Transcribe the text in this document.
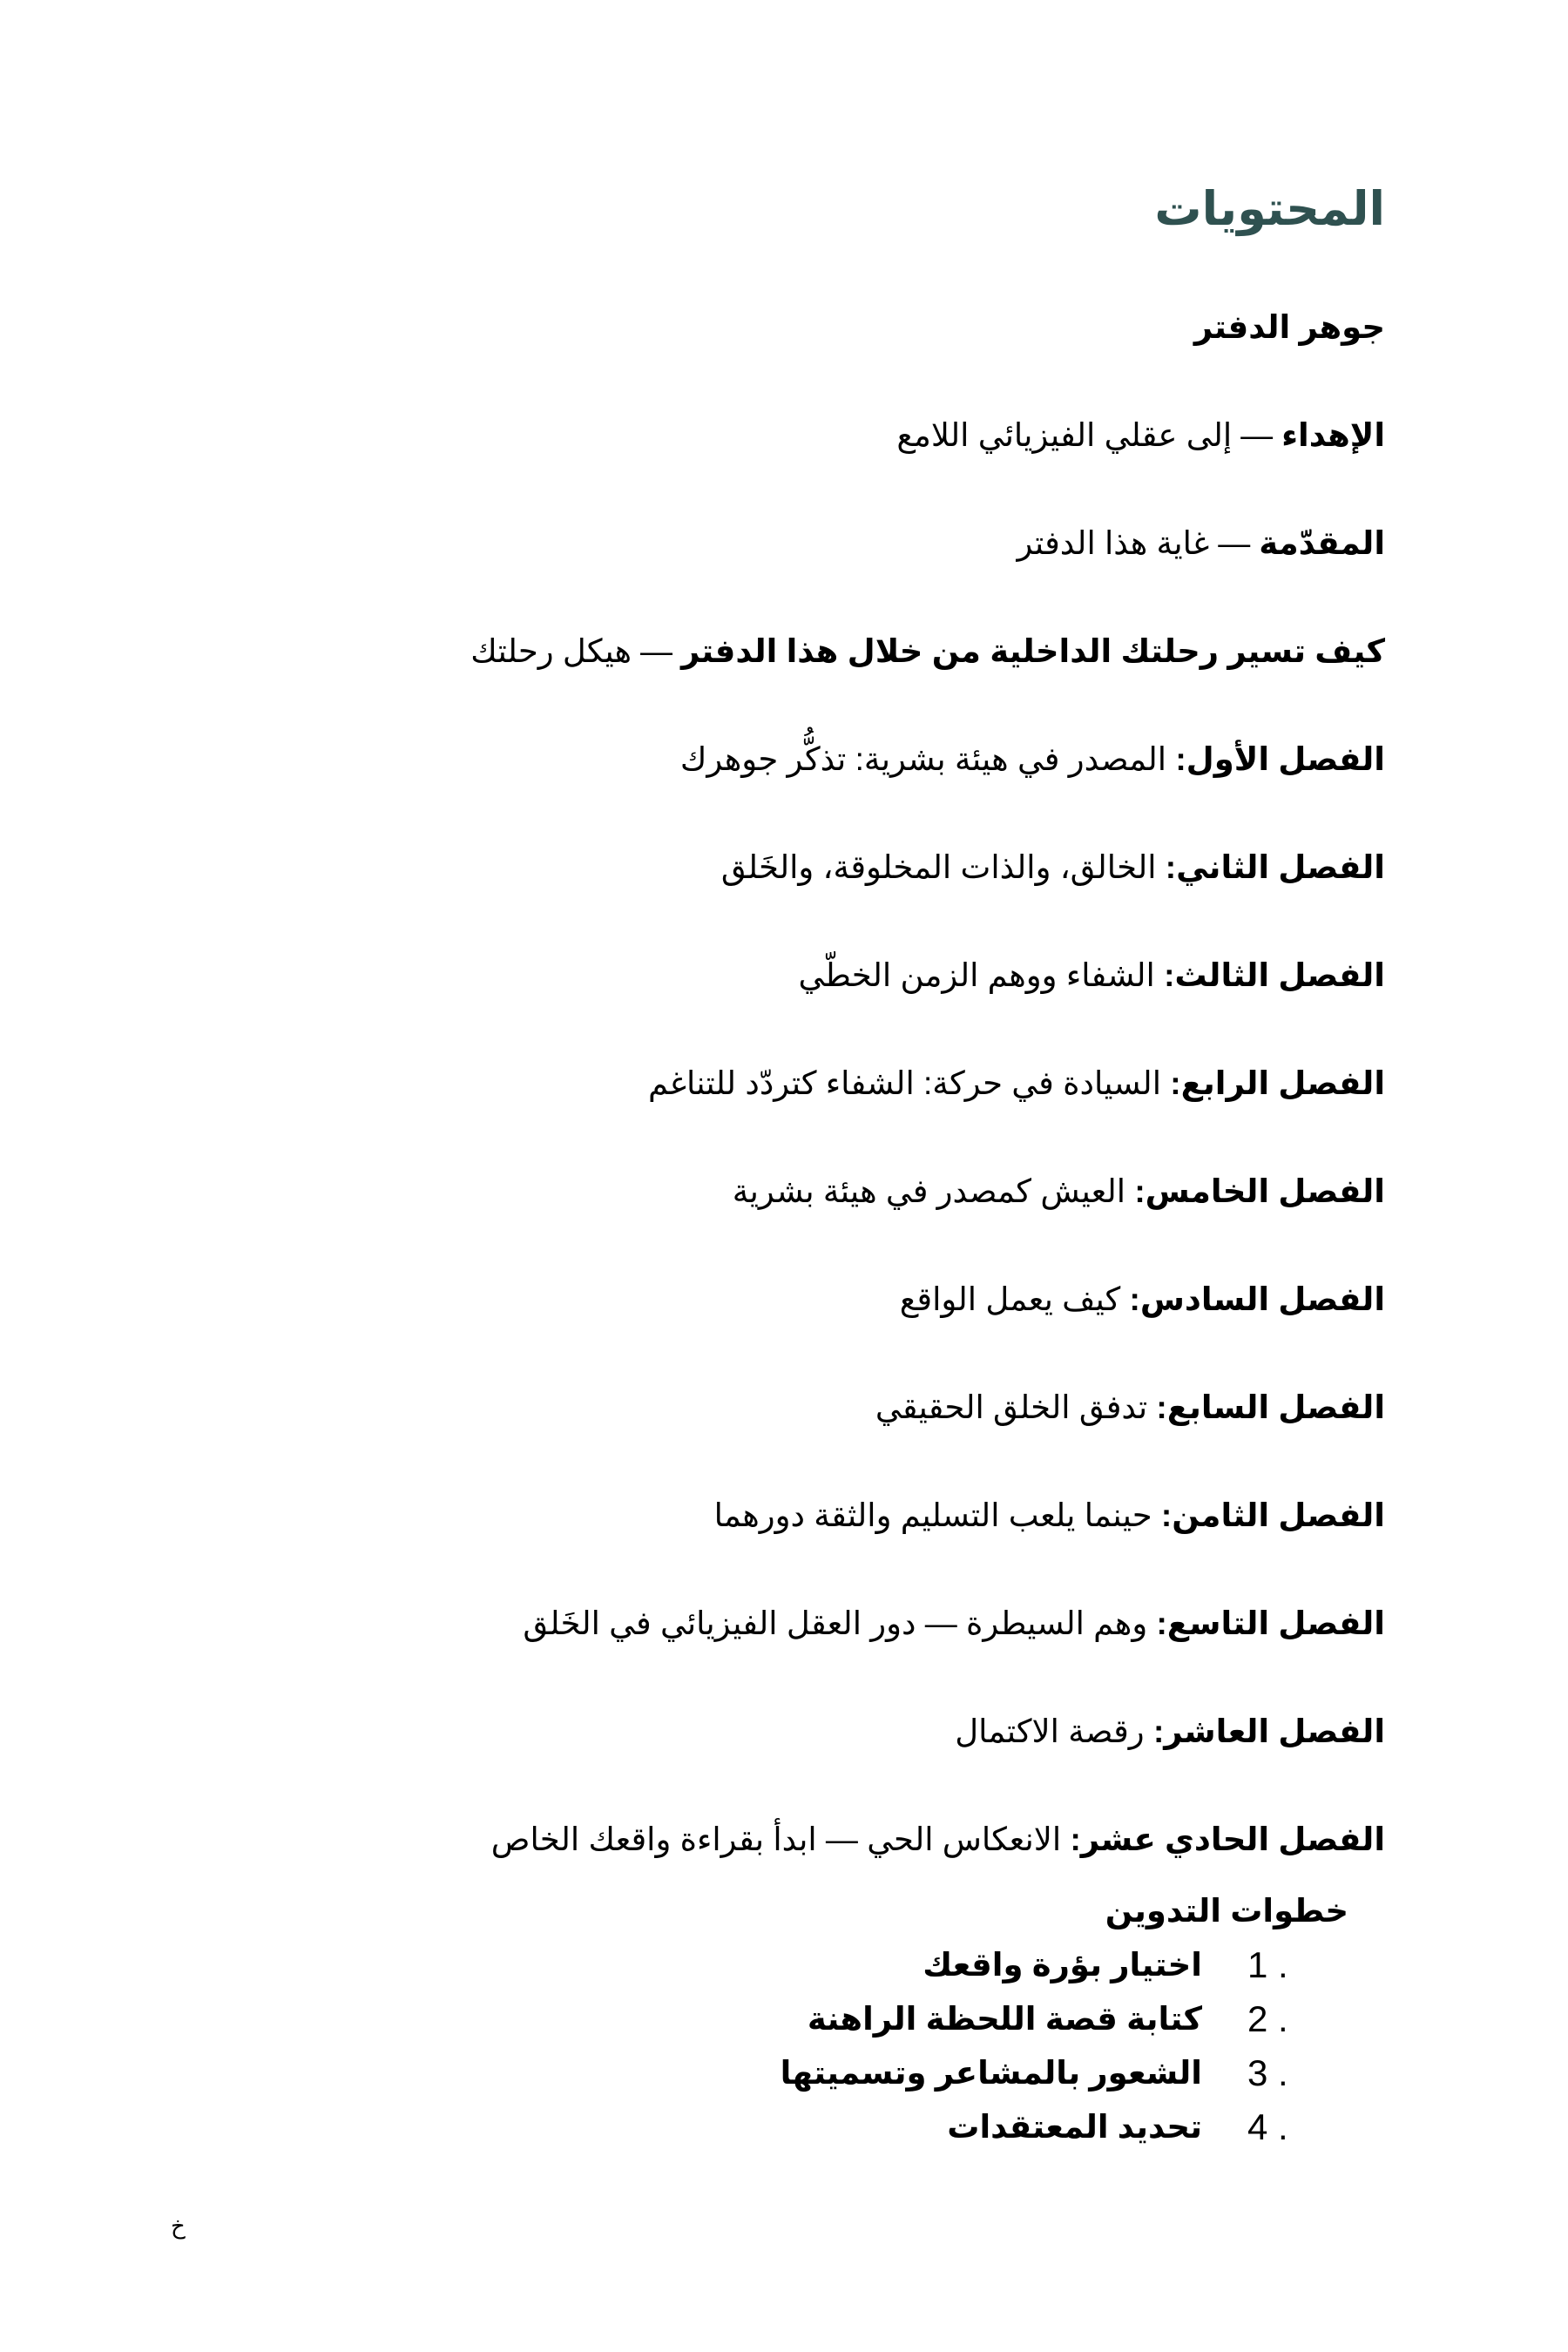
المحتويات
جوهر الدفتر
الإهداء—إلى عقلي الفيزيائي اللامع
المقدّمة—غاية هذا الدفتر
كيف تسير رحلتك الداخلية من خلال هذا الدفتر—هيكل رحلتك
الفصل الأول: المصدر في هيئة بشرية: تذكُّر جوهرك
الفصل الثاني: الخالق، والذات المخلوقة، والخَلق
الفصل الثالث: الشفاء ووهم الزمن الخطّي
الفصل الرابع: السيادة في حركة: الشفاء كتردّد للتناغم
الفصل الخامس: العيش كمصدر في هيئة بشرية
الفصل السادس: كيف يعمل الواقع
الفصل السابع: تدفق الخلق الحقيقي
الفصل الثامن: حينما يلعب التسليم والثقة دورهما
الفصل التاسع: وهم السيطرة — دور العقل الفيزيائي في الخَلق
الفصل العاشر: رقصة الاكتمال
الفصل الحادي عشر: الانعكاس الحي — ابدأ بقراءة واقعك الخاص
خطوات التدوين
1 .
اختيار بؤرة واقعك
2 .
كتابة قصة اللحظة الراهنة
3 .
الشعور بالمشاعر وتسميتها
4 .
تحديد المعتقدات
خ
